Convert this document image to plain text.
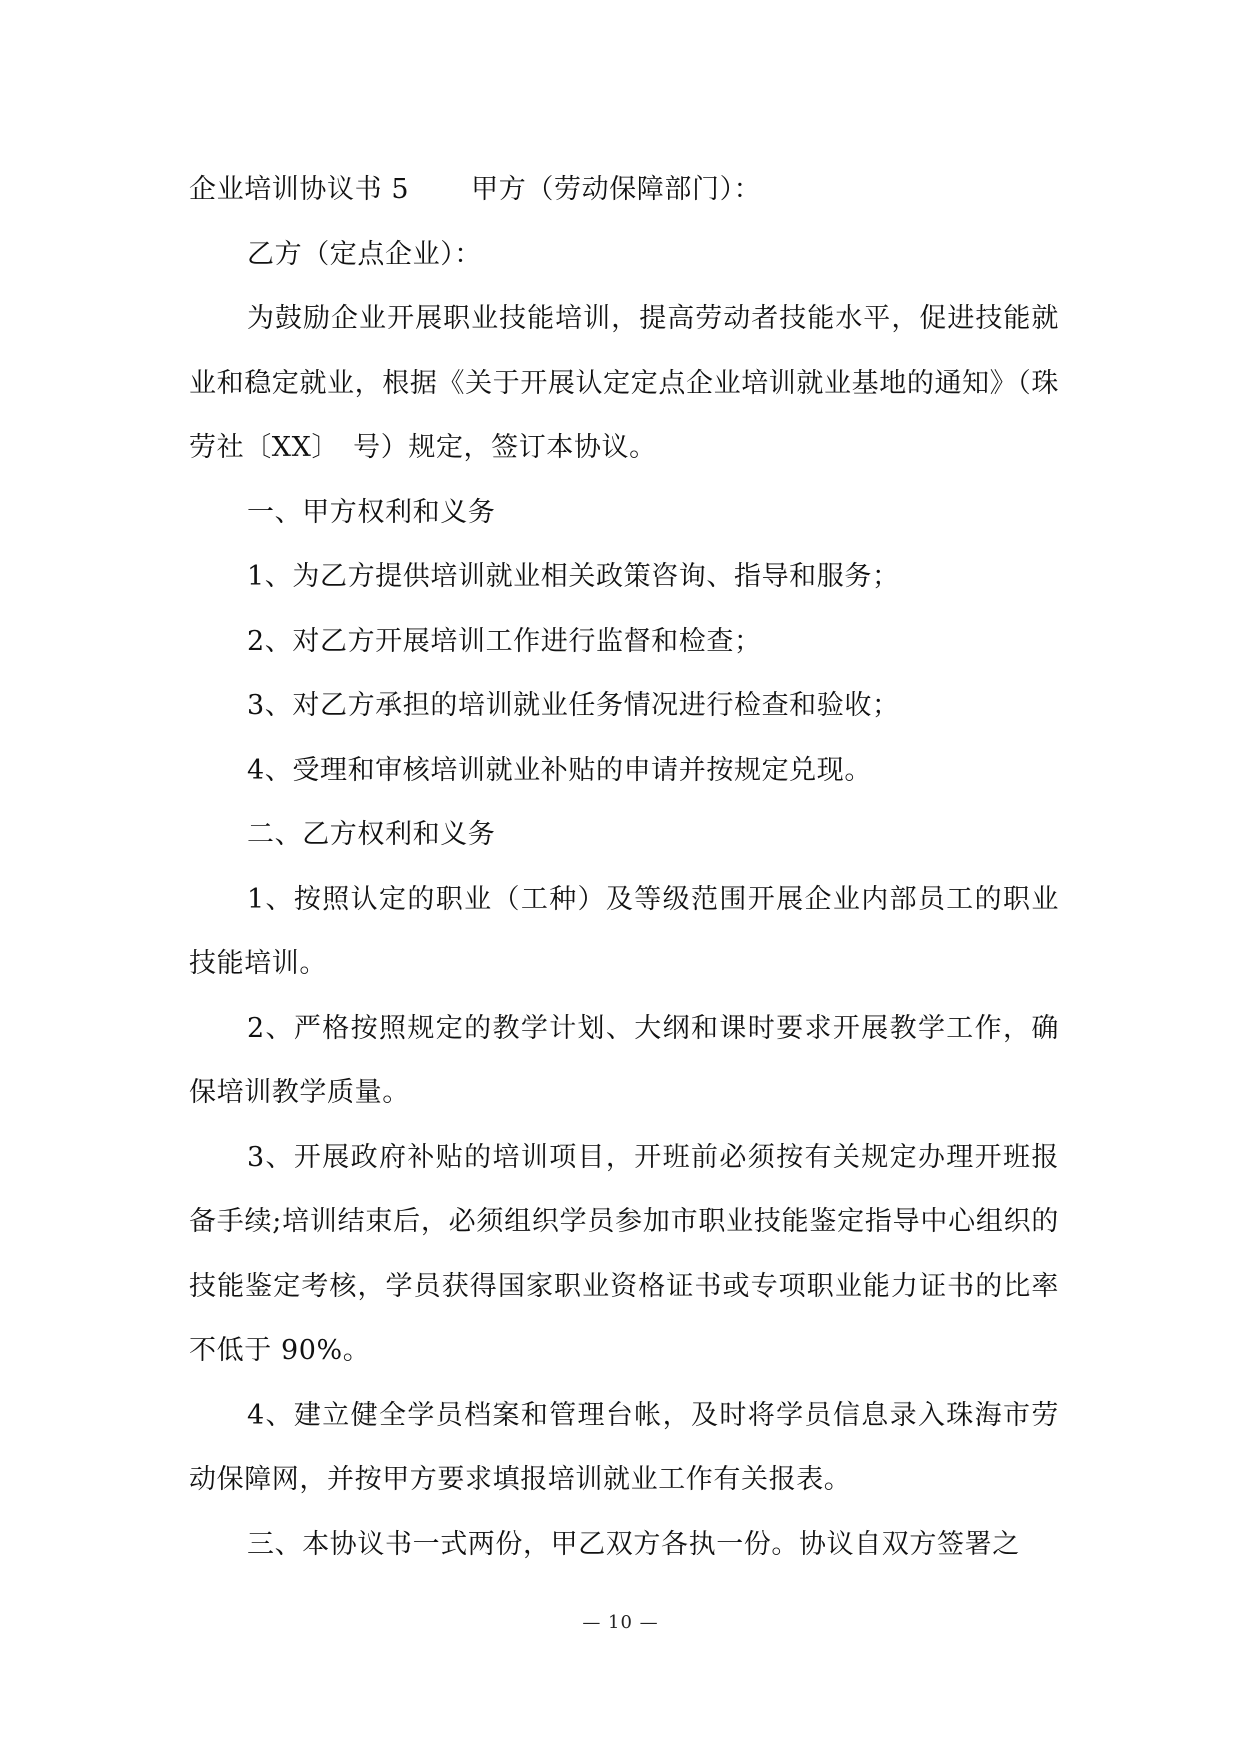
企业培训协议书 5 甲方（劳动保障部门）：

乙方（定点企业）：

为鼓励企业开展职业技能培训，提高劳动者技能水平，促进技能就业和稳定就业，根据《关于开展认定定点企业培训就业基地的通知》（珠劳社〔XX〕　号）规定，签订本协议。

一、甲方权利和义务

1、为乙方提供培训就业相关政策咨询、指导和服务；

2、对乙方开展培训工作进行监督和检查；

3、对乙方承担的培训就业任务情况进行检查和验收；

4、受理和审核培训就业补贴的申请并按规定兑现。

二、乙方权利和义务

1、按照认定的职业（工种）及等级范围开展企业内部员工的职业技能培训。

2、严格按照规定的教学计划、大纲和课时要求开展教学工作，确保培训教学质量。

3、开展政府补贴的培训项目，开班前必须按有关规定办理开班报备手续;培训结束后，必须组织学员参加市职业技能鉴定指导中心组织的技能鉴定考核，学员获得国家职业资格证书或专项职业能力证书的比率不低于 90%。

4、建立健全学员档案和管理台帐，及时将学员信息录入珠海市劳动保障网，并按甲方要求填报培训就业工作有关报表。

三、本协议书一式两份，甲乙双方各执一份。协议自双方签署之

— 10 —
